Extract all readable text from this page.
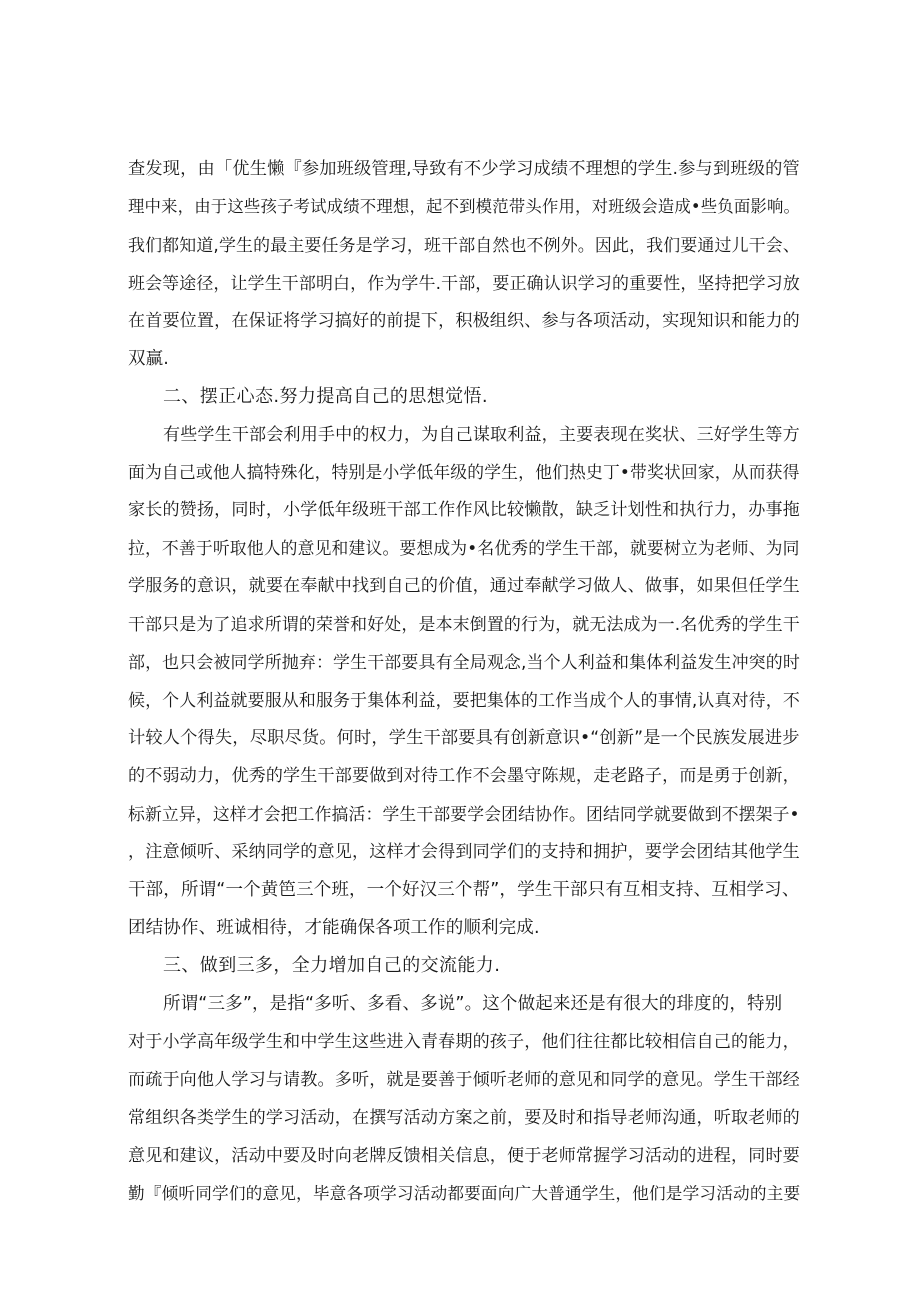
查发现，由「优生懒『参加班级管理,导致有不少学习成绩不理想的学生.参与到班级的管

理中来，由于这些孩子考试成绩不理想，起不到模范带头作用，对班级会造成•些负面影响。

我们都知道,学生的最主要任务是学习，班干部自然也不例外。因此，我们要通过儿干会、

班会等途径，让学生干部明白，作为学牛.干部，要正确认识学习的重要性，坚持把学习放

在首要位置，在保证将学习搞好的前提下，积极组织、参与各项活动，实现知识和能力的

双赢.

二、摆正心态.努力提高自己的思想觉悟.

有些学生干部会利用手中的权力，为自己谋取利益，主要表现在奖状、三好学生等方

面为自己或他人搞特殊化，特别是小学低年级的学生，他们热史丁•带奖状回家，从而获得

家长的赞扬，同时，小学低年级班干部工作作风比较懒散，缺乏计划性和执行力，办事拖

拉，不善于听取他人的意见和建议。要想成为•名优秀的学生干部，就要树立为老师、为同

学服务的意识，就要在奉献中找到自己的价值，通过奉献学习做人、做事，如果但任学生

干部只是为了追求所谓的荣誉和好处，是本末倒置的行为，就无法成为一.名优秀的学生干

部，也只会被同学所抛弃：学生干部要具有全局观念,当个人利益和集体利益发生冲突的时

候，个人利益就要服从和服务于集体利益，要把集体的工作当成个人的事情,认真对待，不

计较人个得失，尽职尽货。何时，学生干部要具有创新意识•“创新”是一个民族发展进步

的不弱动力，优秀的学生干部要做到对待工作不会墨守陈规，走老路子，而是勇于创新，

标新立异，这样才会把工作搞活：学生干部要学会团结协作。团结同学就要做到不摆架子•

，注意倾听、采纳同学的意见，这样才会得到同学们的支持和拥护，要学会团结其他学生

干部，所谓“一个黄笆三个班，一个好汉三个帮”，学生干部只有互相支持、互相学习、

团结协作、班诚相待，才能确保各项工作的顺利完成.

三、做到三多，全力增加自己的交流能力.

所谓“三多”，是指“多听、多看、多说”。这个做起来还是有很大的琲度的，特别

对于小学高年级学生和中学生这些进入青春期的孩子，他们往往都比较相信自己的能力，

而疏于向他人学习与请教。多听，就是要善于倾听老师的意见和同学的意见。学生干部经

常组织各类学生的学习活动，在撰写活动方案之前，要及时和指导老师沟通，听取老师的

意见和建议，活动中要及时向老牌反馈相关信息，便于老师常握学习活动的进程，同时要

勤『倾听同学们的意见，毕意各项学习活动都要面向广大普通学生，他们是学习活动的主要
